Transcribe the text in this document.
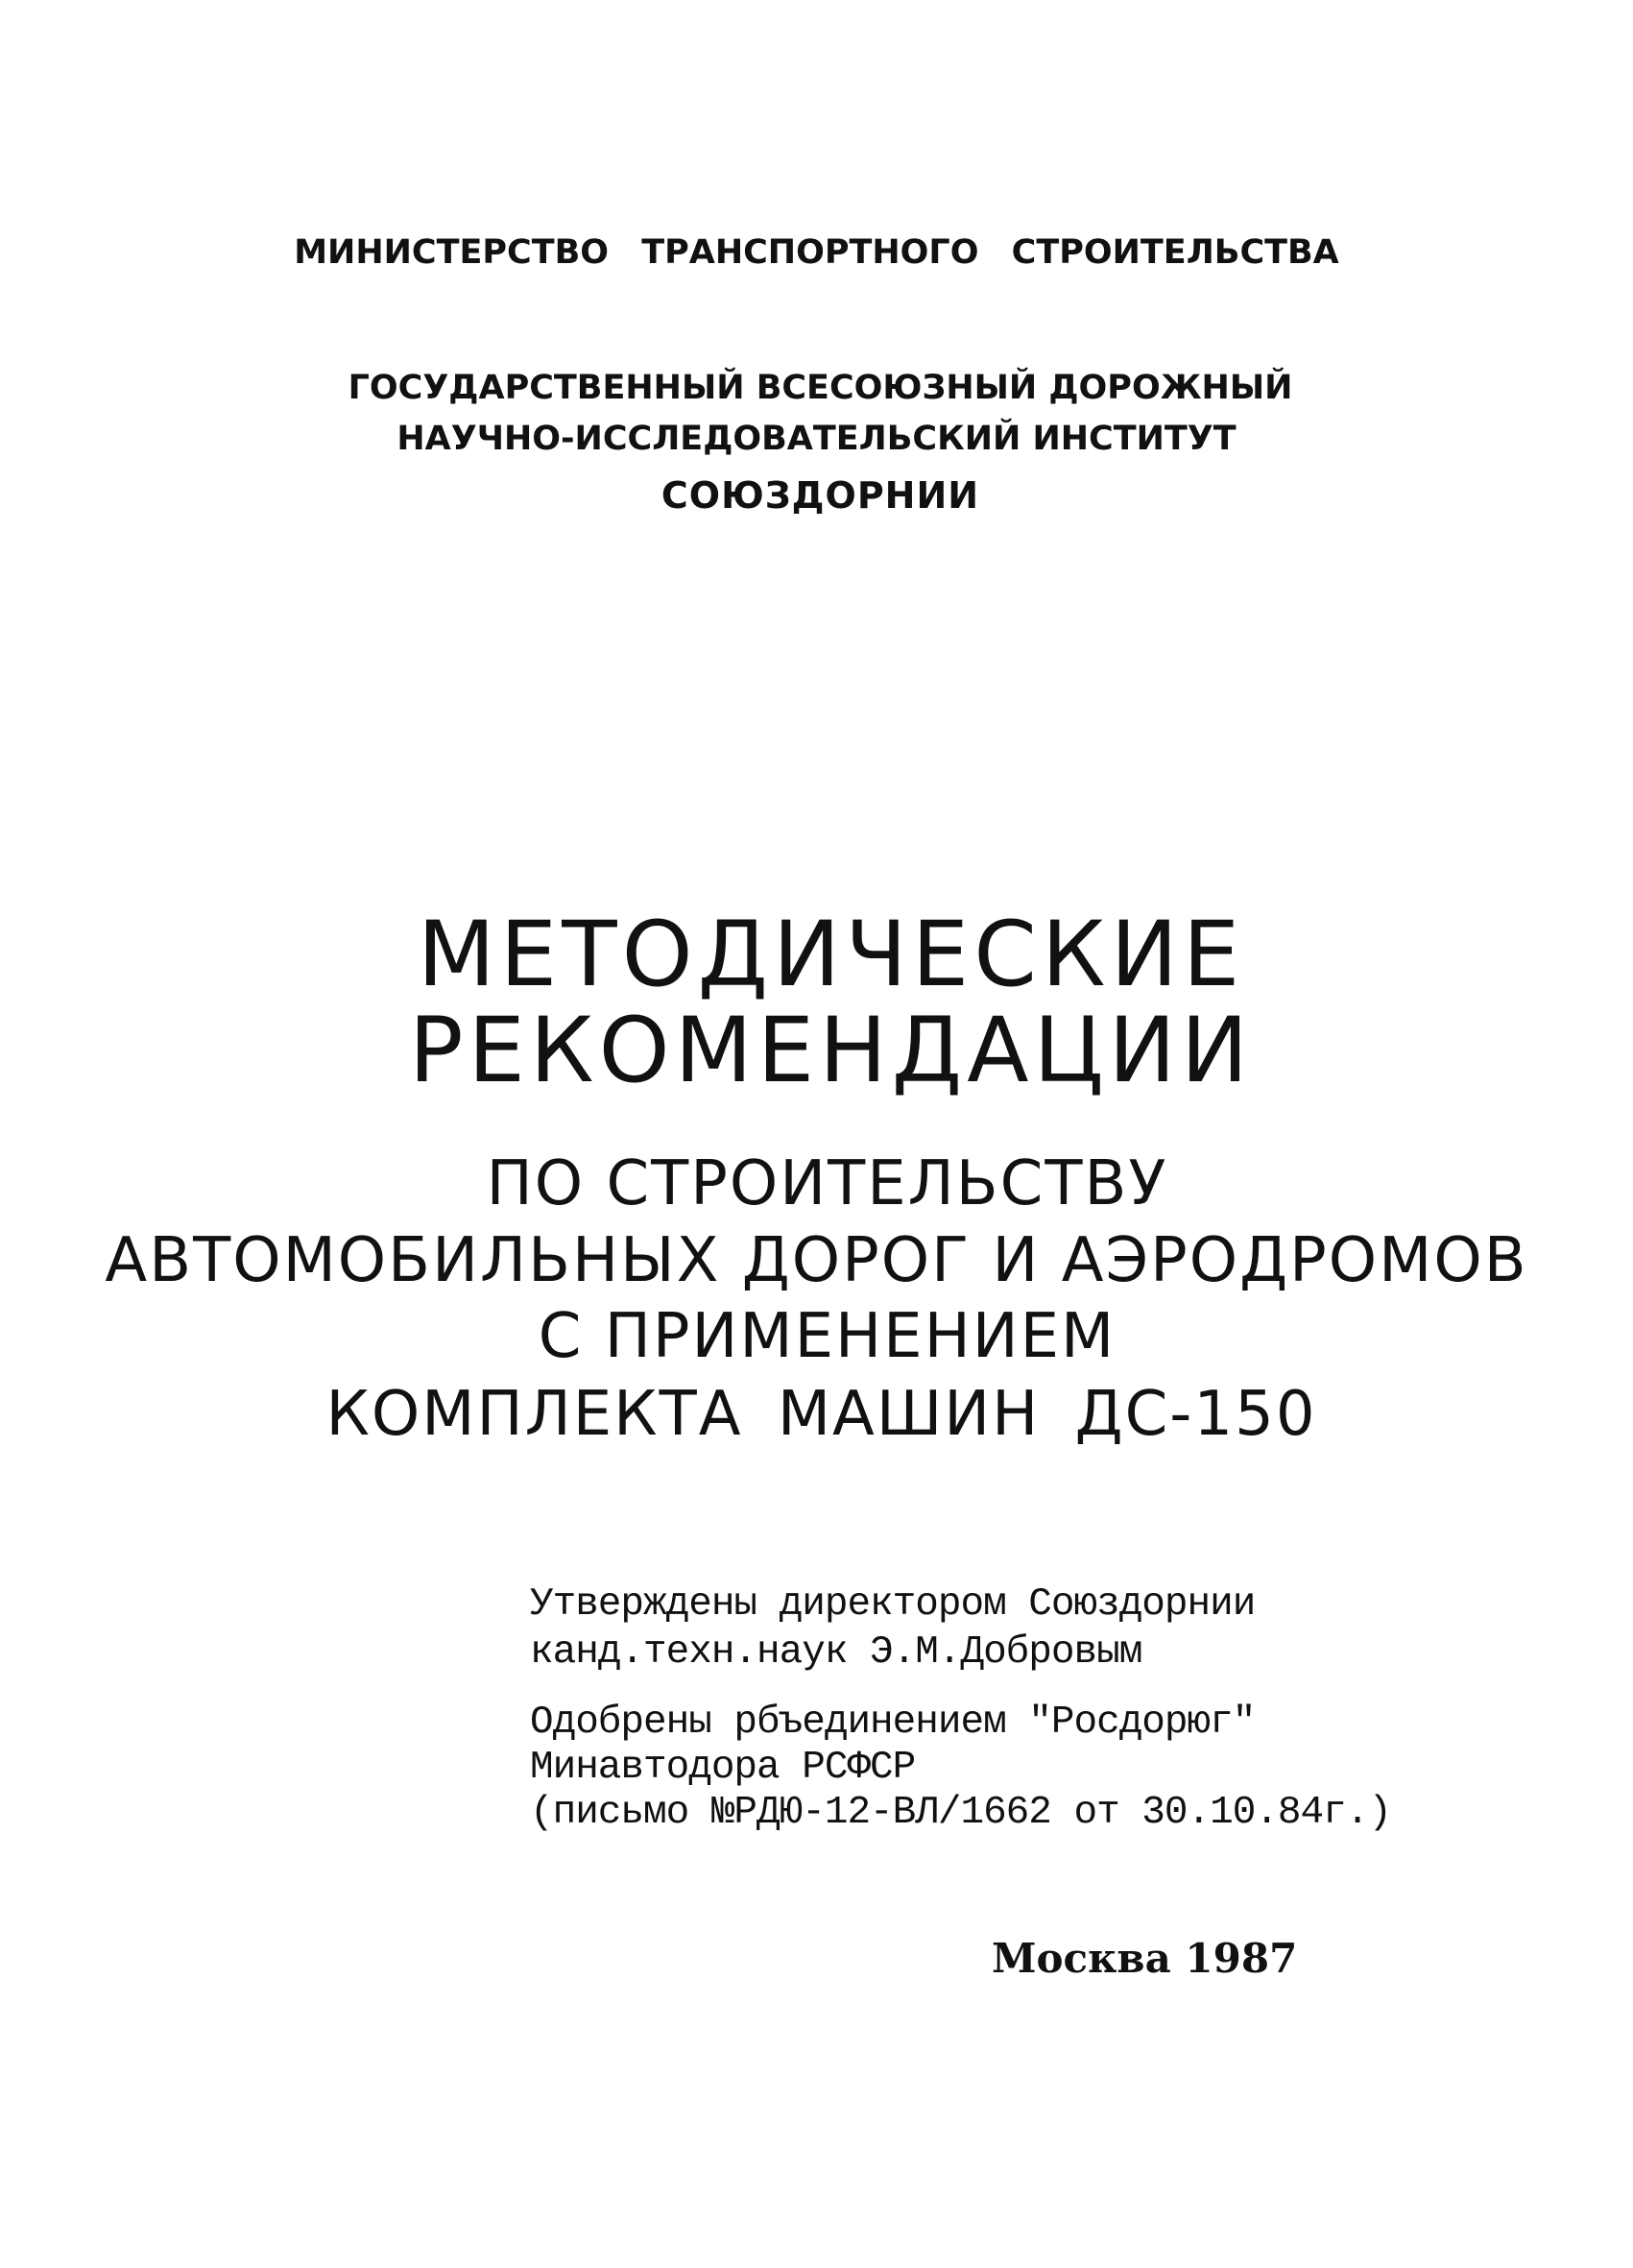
МИНИСТЕРСТВО ТРАНСПОРТНОГО СТРОИТЕЛЬСТВА
ГОСУДАРСТВЕННЫЙ ВСЕСОЮЗНЫЙ ДОРОЖНЫЙ
НАУЧНО-ИССЛЕДОВАТЕЛЬСКИЙ ИНСТИТУТ
СОЮЗДОРНИИ
МЕТОДИЧЕСКИЕ
РЕКОМЕНДАЦИИ
ПО СТРОИТЕЛЬСТВУ
АВТОМОБИЛЬНЫХ ДОРОГ И АЭРОДРОМОВ
С ПРИМЕНЕНИЕМ
КОМПЛЕКТА МАШИН ДС-150
Утверждены директором Союздорнии
канд.техн.наук Э.М.Добровым
Одобрены рбъединением "Росдорюг"
Минавтодора РСФСР
(письмо №РДЮ-12-ВЛ/1662 от 30.10.84г.)
Москва 1987
